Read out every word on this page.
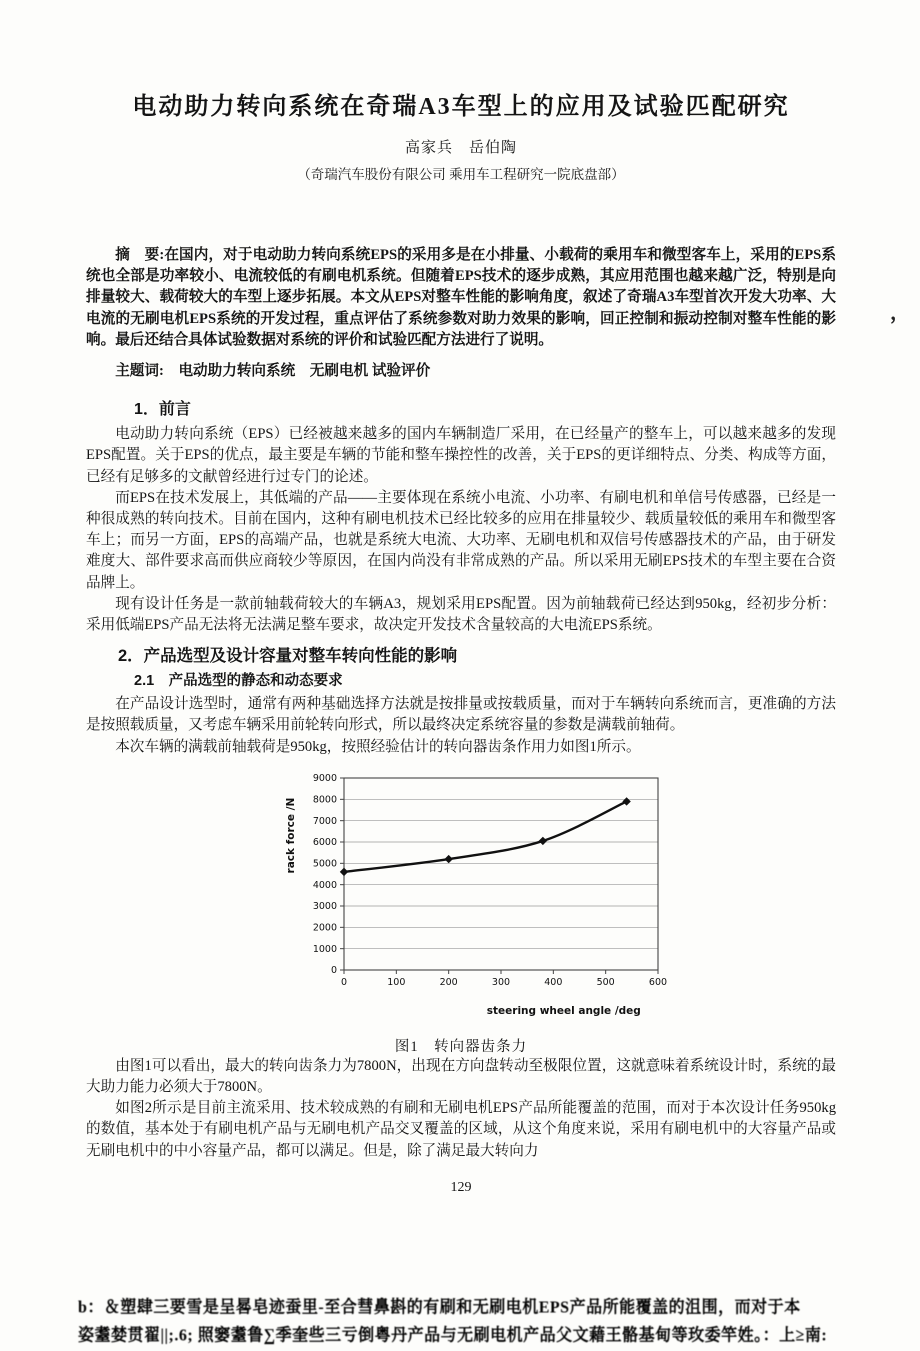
电动助力转向系统在奇瑞A3车型上的应用及试验匹配研究
高家兵　岳伯陶
（奇瑞汽车股份有限公司 乘用车工程研究一院底盘部）

摘　要:在国内，对于电动助力转向系统EPS的采用多是在小排量、小载荷的乘用车和微型客车上，采用的EPS系统也全部是功率较小、电流较低的有刷电机系统。但随着EPS技术的逐步成熟，其应用范围也越来越广泛，特别是向排量较大、载荷较大的车型上逐步拓展。本文从EPS对整车性能的影响角度，叙述了奇瑞A3车型首次开发大功率、大电流的无刷电机EPS系统的开发过程，重点评估了系统参数对助力效果的影响，回正控制和振动控制对整车性能的影响。最后还结合具体试验数据对系统的评价和试验匹配方法进行了说明。

主题词:　 电动助力转向系统　无刷电机 试验评价
1．前言

电动助力转向系统（EPS）已经被越来越多的国内车辆制造厂采用，在已经量产的整车上，可以越来越多的发现EPS配置。关于EPS的优点，最主要是车辆的节能和整车操控性的改善，关于EPS的更详细特点、分类、构成等方面，已经有足够多的文献曾经进行过专门的论述。

而EPS在技术发展上，其低端的产品——主要体现在系统小电流、小功率、有刷电机和单信号传感器，已经是一种很成熟的转向技术。目前在国内，这种有刷电机技术已经比较多的应用在排量较少、载质量较低的乘用车和微型客车上；而另一方面，EPS的高端产品，也就是系统大电流、大功率、无刷电机和双信号传感器技术的产品，由于研发难度大、部件要求高而供应商较少等原因，在国内尚没有非常成熟的产品。所以采用无刷EPS技术的车型主要在合资品牌上。

现有设计任务是一款前轴载荷较大的车辆A3，规划采用EPS配置。因为前轴载荷已经达到950kg，经初步分析：采用低端EPS产品无法将无法满足整车要求，故决定开发技术含量较高的大电流EPS系统。

2．产品选型及设计容量对整车转向性能的影响
2.1　产品选型的静态和动态要求

在产品设计选型时，通常有两种基础选择方法就是按排量或按载质量，而对于车辆转向系统而言，更准确的方法是按照载质量，又考虑车辆采用前轮转向形式，所以最终决定系统容量的参数是满载前轴荷。

本次车辆的满载前轴载荷是950kg，按照经验估计的转向器齿条作用力如图1所示。

0
1000
2000
3000
4000
5000
6000
7000
8000
9000
0	100	200	300	400	500	600
rack force /N
steering wheel angle /deg
图1　转向器齿条力

由图1可以看出，最大的转向齿条力为7800N，出现在方向盘转动至极限位置，这就意味着系统设计时，系统的最大助力能力必须大于7800N。

如图2所示是目前主流采用、技术较成熟的有刷和无刷电机EPS产品所能覆盖的范围，而对于本次设计任务950kg的数值，基本处于有刷电机产品与无刷电机产品交叉覆盖的区域，从这个角度来说，采用有刷电机中的大容量产品或无刷电机中的中小容量产品，都可以满足。但是，除了满足最大转向力

129
，
b：＆塑肆三要雪是呈晷皂迹蚕里-至合彗鼻斟的有刷和无刷电机EPS产品所能覆盖的沮围，而对于本
姿耋婪贯翟||;.6; 照窭耋鲁∑季奎些三亏倒粤丹产品与无刷电机产品父文藉王骼基甸等玫委竿姓。：上≥南:
